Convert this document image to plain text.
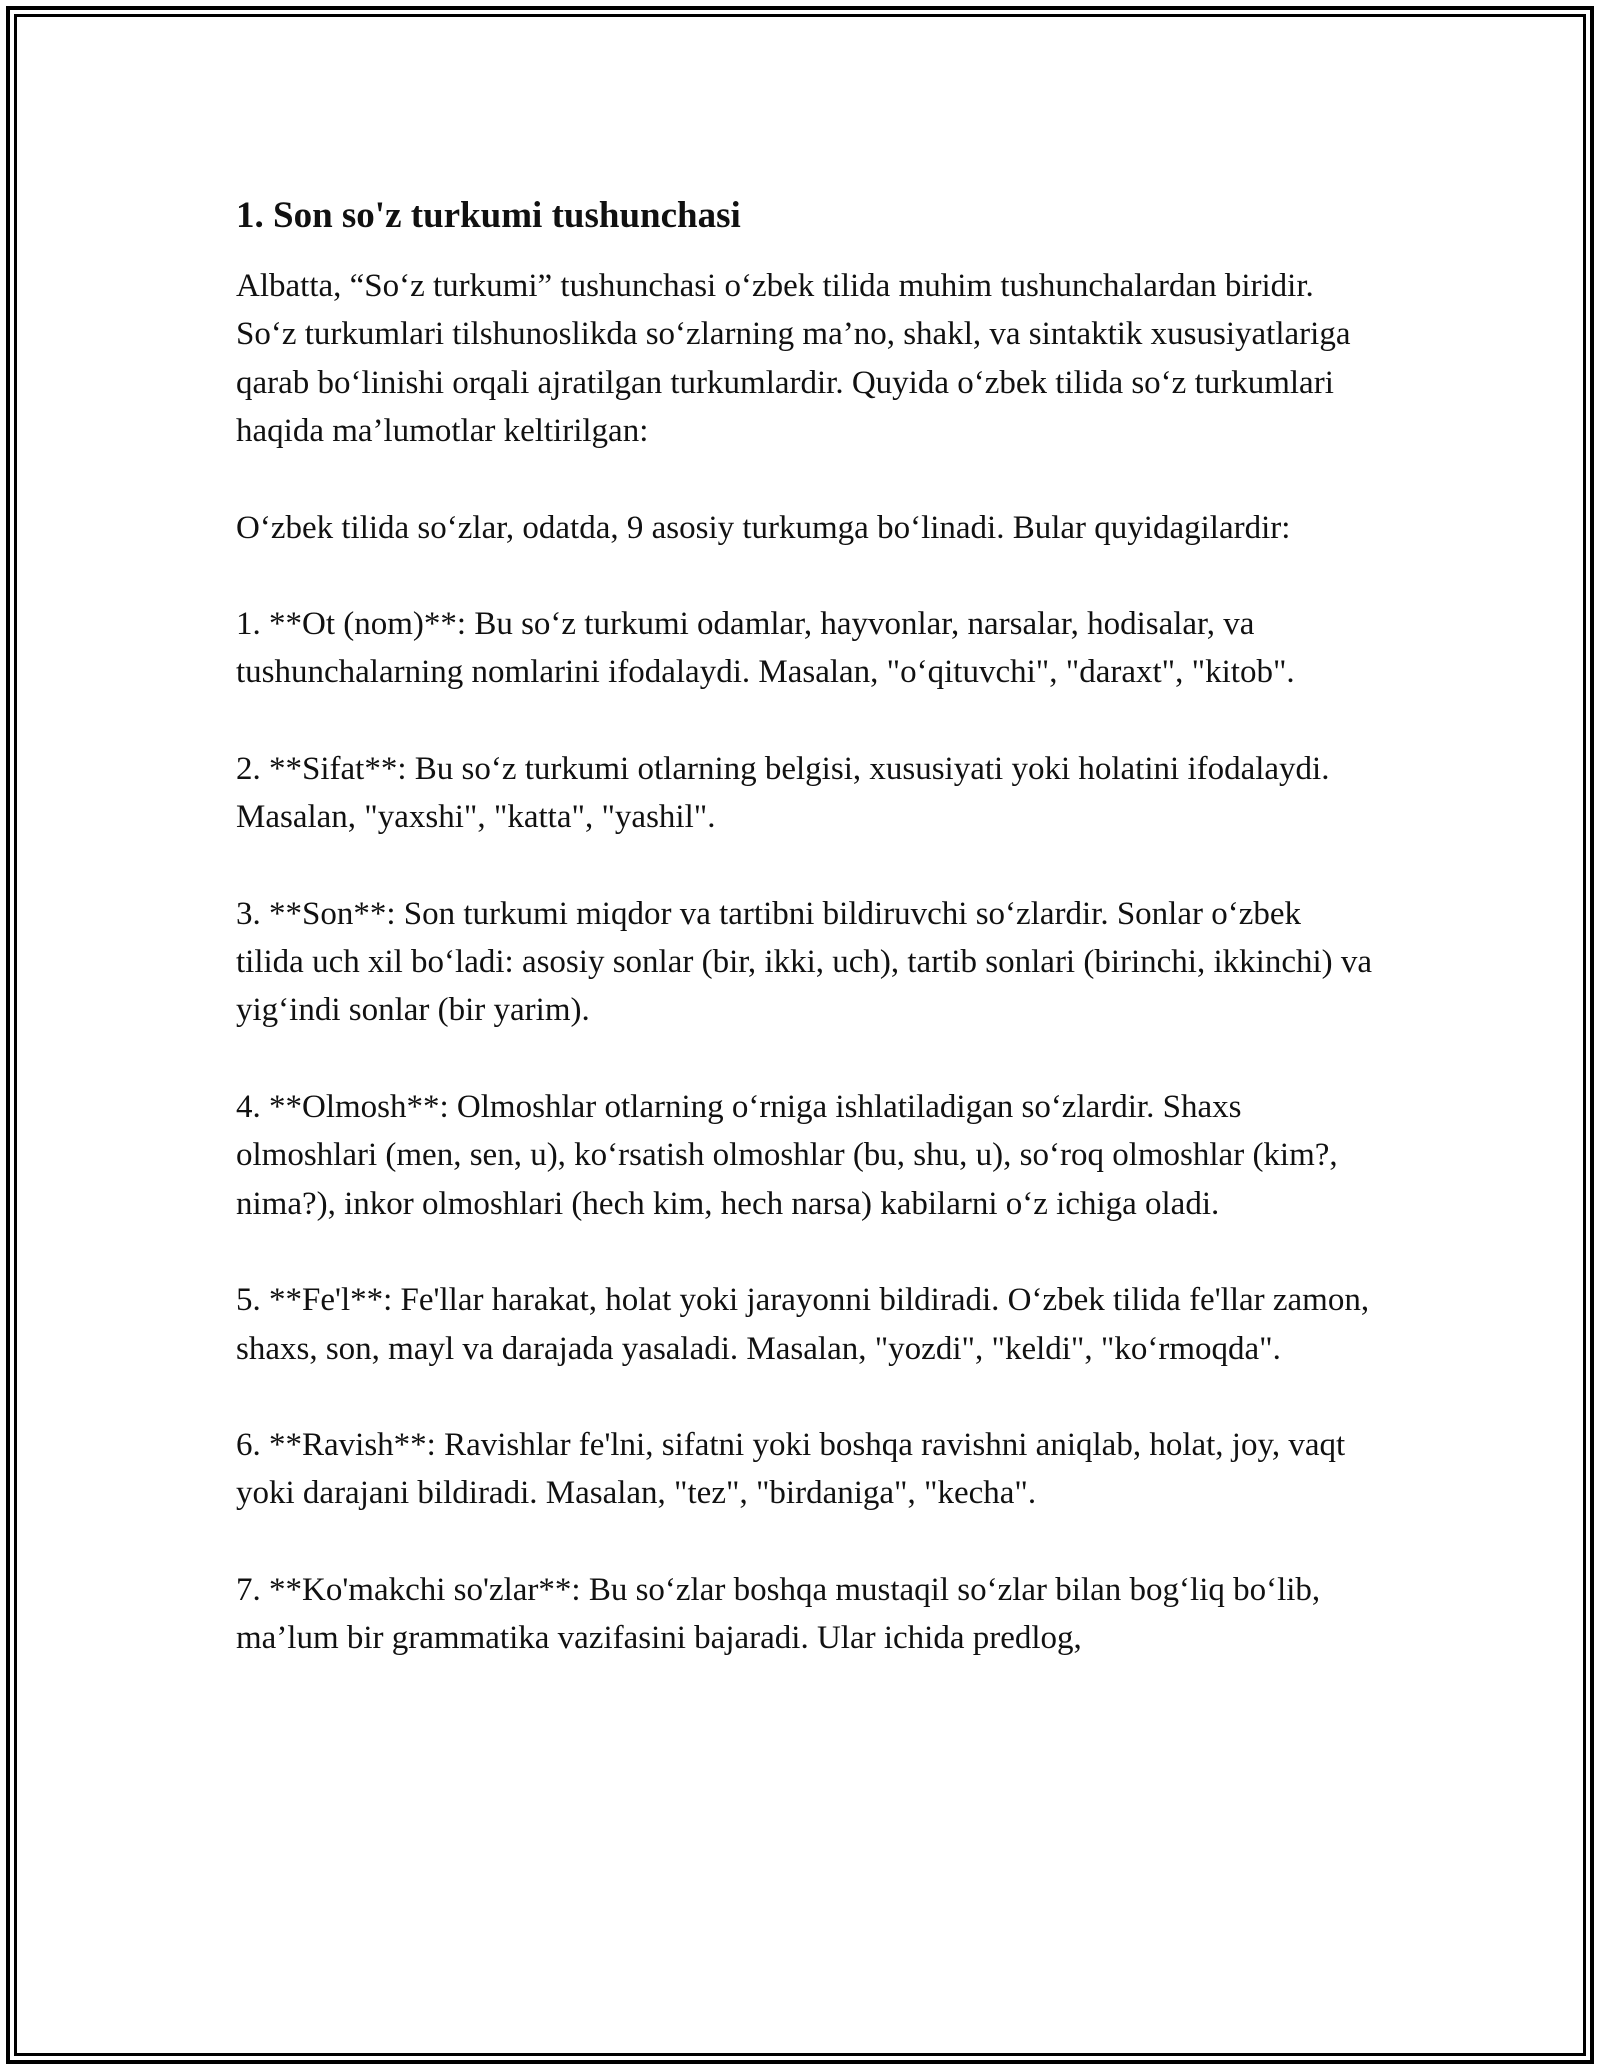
1. Son so'z turkumi tushunchasi

Albatta, “So‘z turkumi” tushunchasi o‘zbek tilida muhim tushunchalardan biridir. So‘z turkumlari tilshunoslikda so‘zlarning ma’no, shakl, va sintaktik xususiyatlariga qarab bo‘linishi orqali ajratilgan turkumlardir. Quyida o‘zbek tilida so‘z turkumlari haqida ma’lumotlar keltirilgan:

O‘zbek tilida so‘zlar, odatda, 9 asosiy turkumga bo‘linadi. Bular quyidagilardir:

1. **Ot (nom)**: Bu so‘z turkumi odamlar, hayvonlar, narsalar, hodisalar, va tushunchalarning nomlarini ifodalaydi. Masalan, "o‘qituvchi", "daraxt", "kitob".

2. **Sifat**: Bu so‘z turkumi otlarning belgisi, xususiyati yoki holatini ifodalaydi. Masalan, "yaxshi", "katta", "yashil".

3. **Son**: Son turkumi miqdor va tartibni bildiruvchi so‘zlardir. Sonlar o‘zbek tilida uch xil bo‘ladi: asosiy sonlar (bir, ikki, uch), tartib sonlari (birinchi, ikkinchi) va yig‘indi sonlar (bir yarim).

4. **Olmosh**: Olmoshlar otlarning o‘rniga ishlatiladigan so‘zlardir. Shaxs olmoshlari (men, sen, u), ko‘rsatish olmoshlar (bu, shu, u), so‘roq olmoshlar (kim?, nima?), inkor olmoshlari (hech kim, hech narsa) kabilarni o‘z ichiga oladi.

5. **Fe'l**: Fe'llar harakat, holat yoki jarayonni bildiradi. O‘zbek tilida fe'llar zamon, shaxs, son, mayl va darajada yasaladi. Masalan, "yozdi", "keldi", "ko‘rmoqda".

6. **Ravish**: Ravishlar fe'lni, sifatni yoki boshqa ravishni aniqlab, holat, joy, vaqt yoki darajani bildiradi. Masalan, "tez", "birdaniga", "kecha".

7. **Ko'makchi so'zlar**: Bu so‘zlar boshqa mustaqil so‘zlar bilan bog‘liq bo‘lib, ma’lum bir grammatika vazifasini bajaradi. Ular ichida predlog,
